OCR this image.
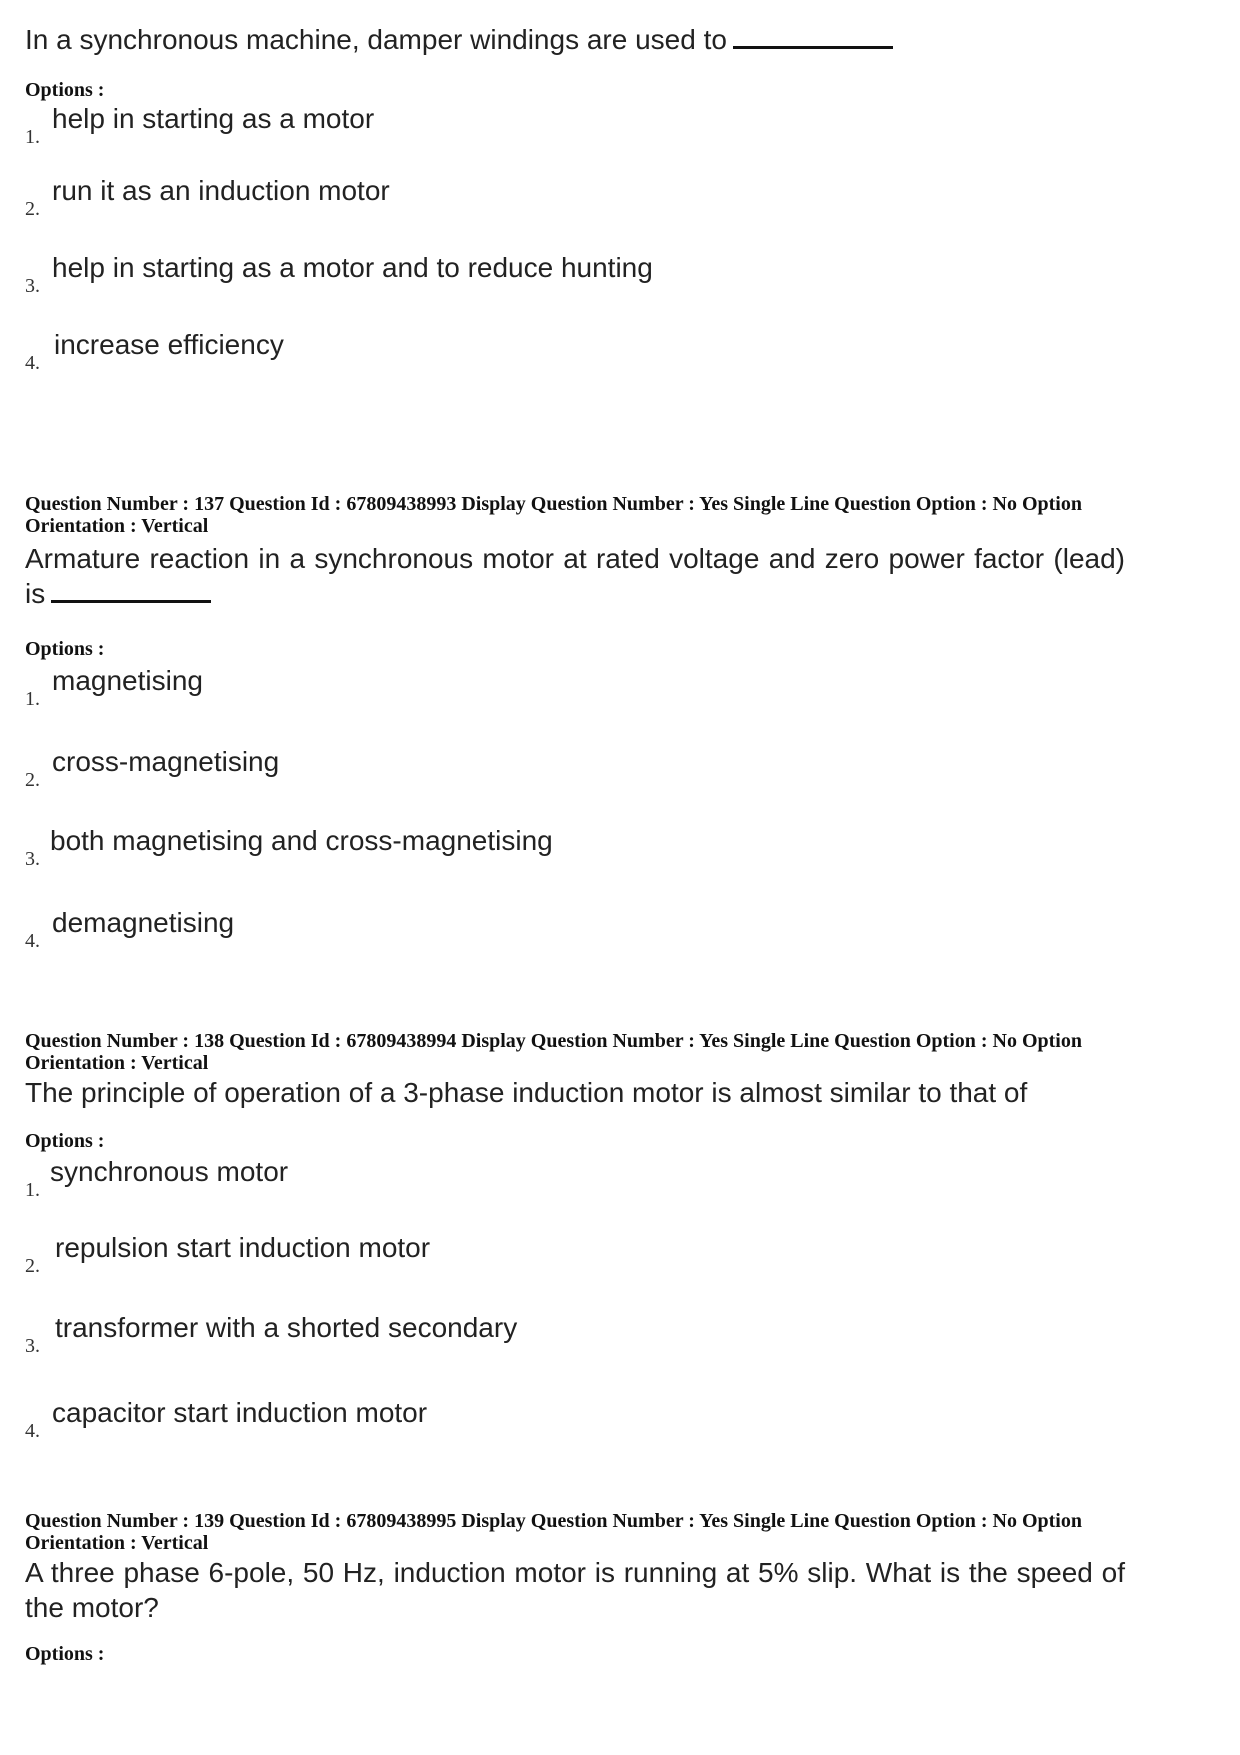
In a synchronous machine, damper windings are used to
Options :
1.
help in starting as a motor
2.
run it as an induction motor
3.
help in starting as a motor and to reduce hunting
4.
increase efficiency
Question Number : 137 Question Id : 67809438993 Display Question Number : Yes Single Line Question Option : No Option
Orientation : Vertical
Armature reaction in a synchronous motor at rated voltage and zero power factor (lead) is
Options :
1.
magnetising
2.
cross-magnetising
3.
both magnetising and cross-magnetising
4.
demagnetising
Question Number : 138 Question Id : 67809438994 Display Question Number : Yes Single Line Question Option : No Option
Orientation : Vertical
The principle of operation of a 3-phase induction motor is almost similar to that of
Options :
1.
synchronous motor
2.
repulsion start induction motor
3.
transformer with a shorted secondary
4.
capacitor start induction motor
Question Number : 139 Question Id : 67809438995 Display Question Number : Yes Single Line Question Option : No Option
Orientation : Vertical
A three phase 6-pole, 50 Hz, induction motor is running at 5% slip. What is the speed of the motor?
Options :
